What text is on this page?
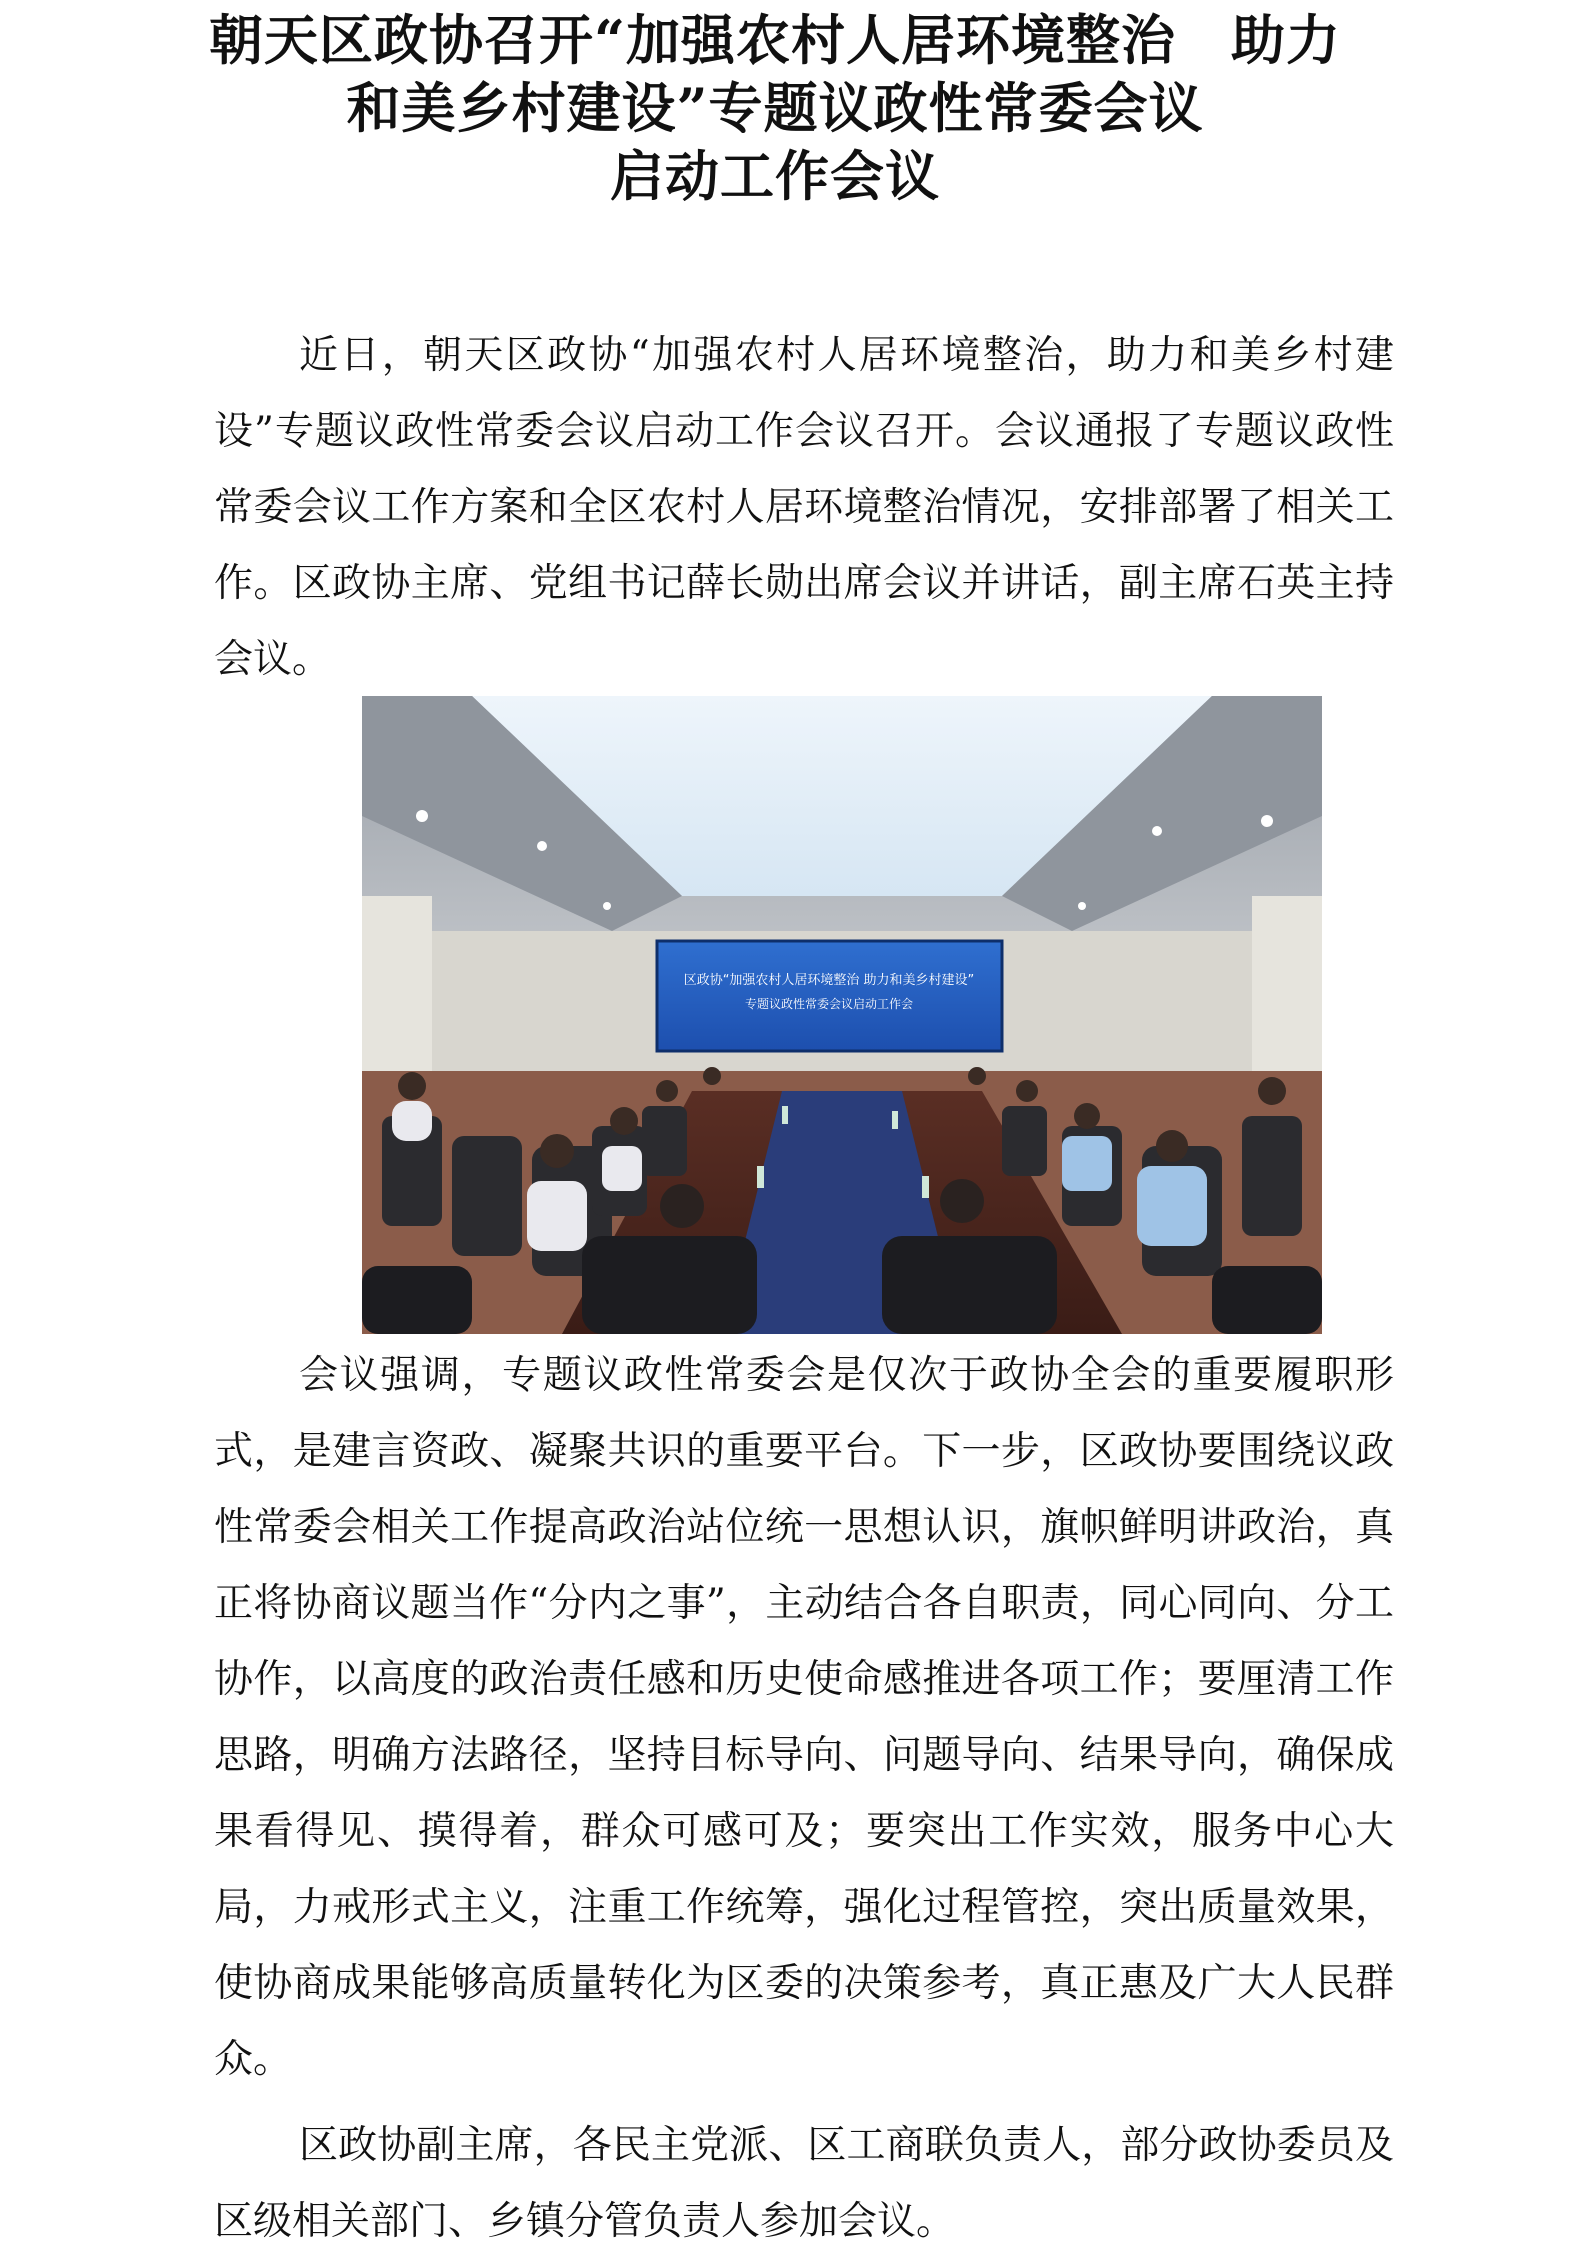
朝天区政协召开“加强农村人居环境整治　助力
和美乡村建设”专题议政性常委会议
启动工作会议

近日，朝天区政协“加强农村人居环境整治，助力和美乡村建设”专题议政性常委会议启动工作会议召开。会议通报了专题议政性常委会议工作方案和全区农村人居环境整治情况，安排部署了相关工作。区政协主席、党组书记薛长勋出席会议并讲话，副主席石英主持会议。

区政协“加强农村人居环境整治 助力和美乡村建设”
专题议政性常委会议启动工作会

会议强调，专题议政性常委会是仅次于政协全会的重要履职形式，是建言资政、凝聚共识的重要平台。下一步，区政协要围绕议政性常委会相关工作提高政治站位统一思想认识，旗帜鲜明讲政治，真正将协商议题当作“分内之事”，主动结合各自职责，同心同向、分工协作，以高度的政治责任感和历史使命感推进各项工作；要厘清工作思路，明确方法路径，坚持目标导向、问题导向、结果导向，确保成果看得见、摸得着，群众可感可及；要突出工作实效，服务中心大局，力戒形式主义，注重工作统筹，强化过程管控，突出质量效果，使协商成果能够高质量转化为区委的决策参考，真正惠及广大人民群众。

区政协副主席，各民主党派、区工商联负责人，部分政协委员及区级相关部门、乡镇分管负责人参加会议。
